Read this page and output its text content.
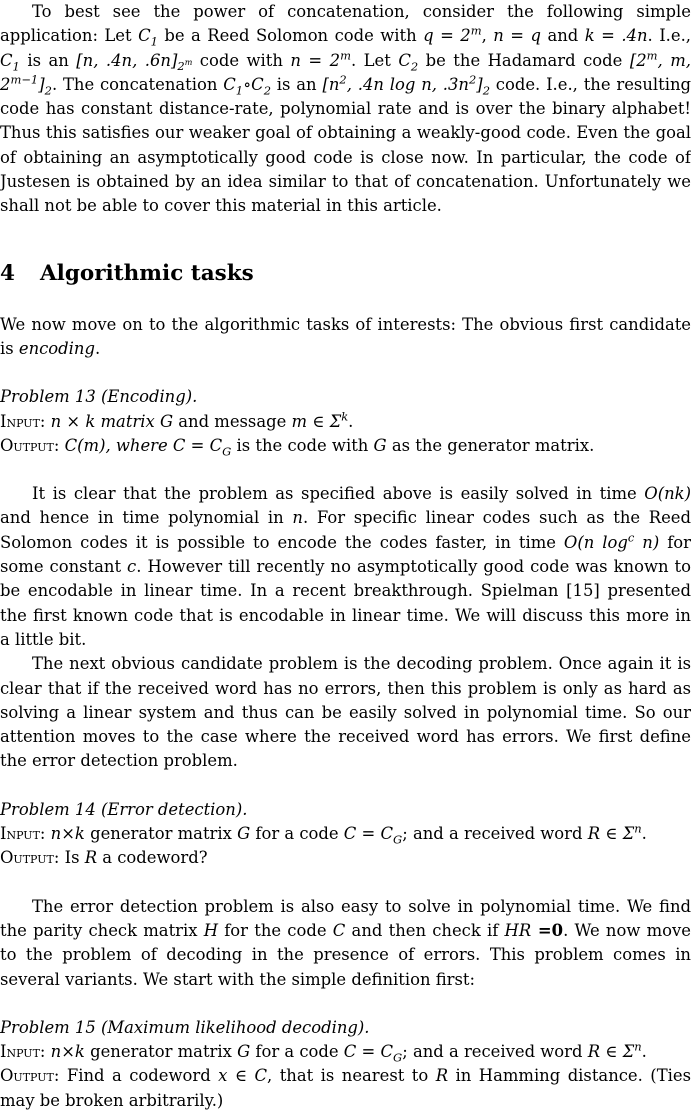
To best see the power of concatenation, consider the following simple application: Let $C_1$ be a Reed Solomon code with $q = 2^m$, n = q and k = .4n. I.e., $C_1$ is an [n, .4n, $.6n]_{2^m}$ code with $n = 2^m$. Let $C_2$ be the Hadamard code [2$^m$, m, $2^{m-1}]_2$. The concatenation $C_1\circ C_2$ is an [$n^2$, .4n log n, $.3n^2]_2$ code. I.e., the resulting code has constant distance-rate, polynomial rate and is over the binary alphabet! Thus this satisfies our weaker goal of obtaining a weakly-good code. Even the goal of obtaining an asymptotically good code is close now. In particular, the code of Justesen is obtained by an idea similar to that of concatenation. Unfortunately we shall not be able to cover this material in this article.

4 Algorithmic tasks

We now move on to the algorithmic tasks of interests: The obvious first candidate is encoding.

Problem 13 (Encoding).

Input: n × k matrix G and message m ∈ $\Sigma^k$.

Output: C(m), where $C = C_G$ is the code with G as the generator matrix.

It is clear that the problem as specified above is easily solved in time O(nk) and hence in time polynomial in n. For specific linear codes such as the Reed Solomon codes it is possible to encode the codes faster, in time O(n $\log^c n$) for some constant c. However till recently no asymptotically good code was known to be encodable in linear time. In a recent breakthrough. Spielman [15] presented the first known code that is encodable in linear time. We will discuss this more in a little bit.

The next obvious candidate problem is the decoding problem. Once again it is clear that if the received word has no errors, then this problem is only as hard as solving a linear system and thus can be easily solved in polynomial time. So our attention moves to the case where the received word has errors. We first define the error detection problem.

Problem 14 (Error detection).

Input: n×k generator matrix G for a code $C = C_G$; and a received word R ∈ $\Sigma^n$.

Output: Is R a codeword?

The error detection problem is also easy to solve in polynomial time. We find the parity check matrix H for the code C and then check if HR =0. We now move to the problem of decoding in the presence of errors. This problem comes in several variants. We start with the simple definition first:

Problem 15 (Maximum likelihood decoding).

Input: n×k generator matrix G for a code $C = C_G$; and a received word R ∈ $\Sigma^n$.

Output: Find a codeword x ∈ C, that is nearest to R in Hamming distance. (Ties may be broken arbitrarily.)
